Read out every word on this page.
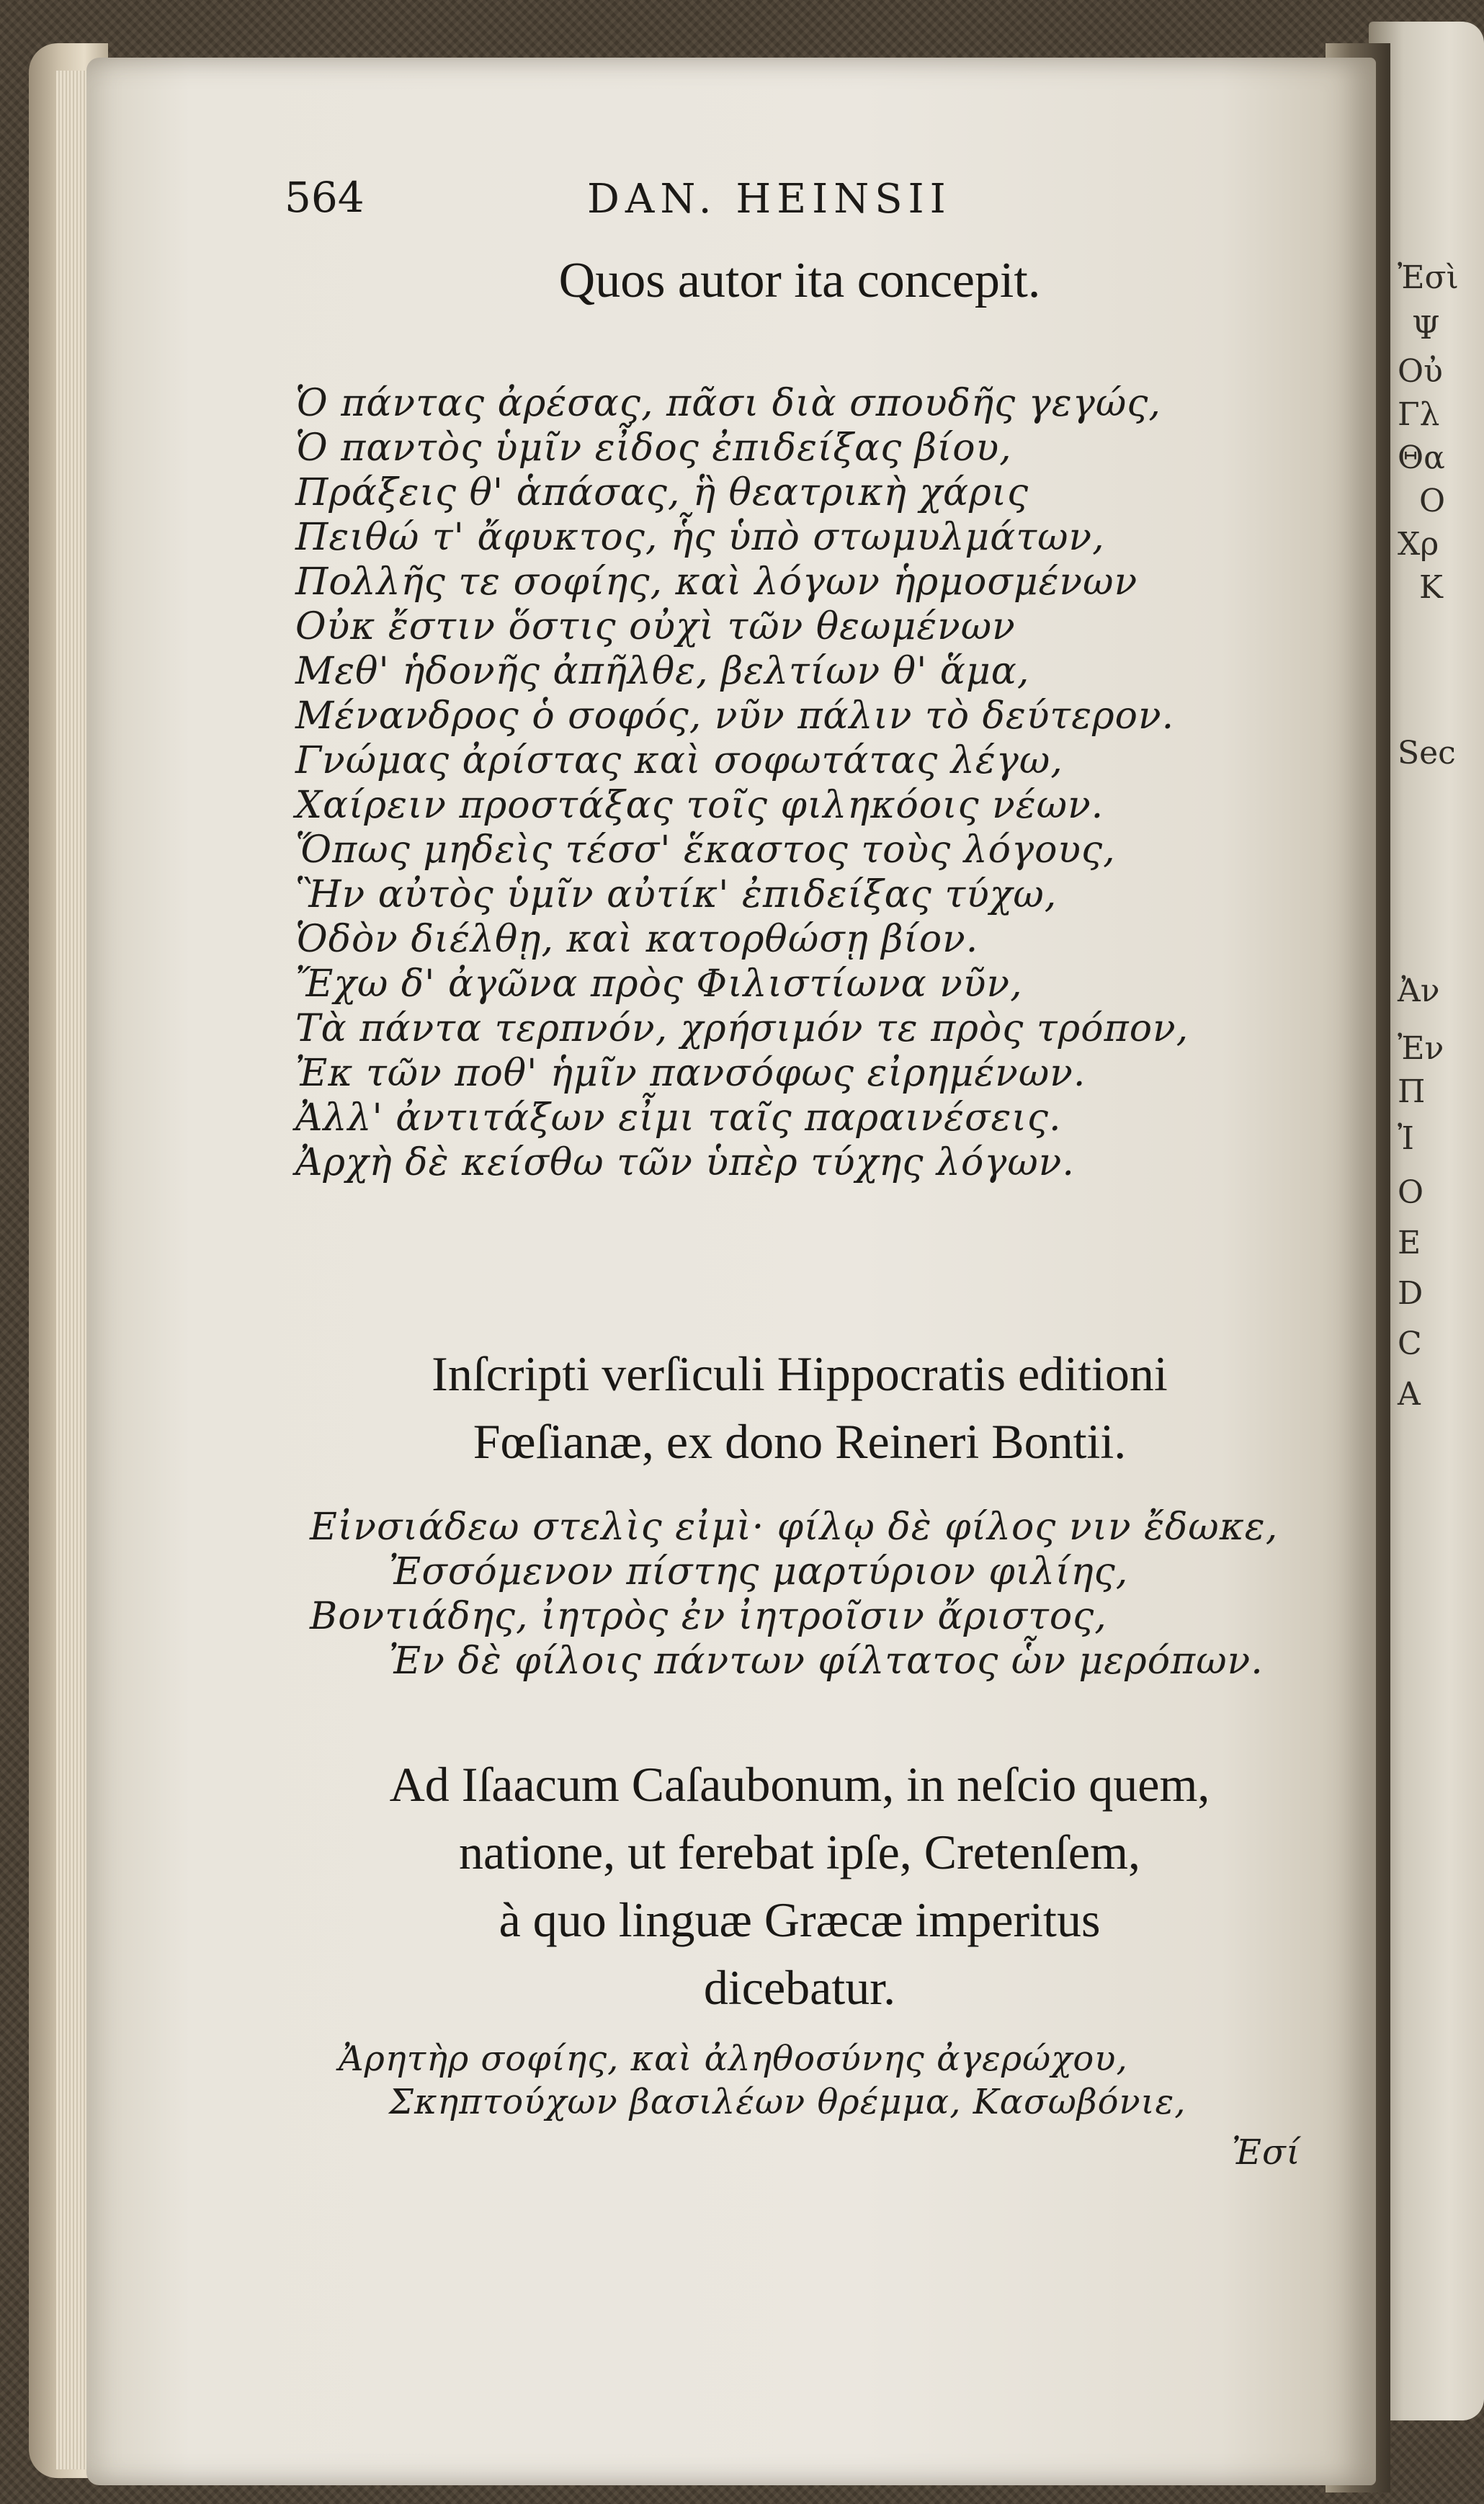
Ἐσὶ
Ψ
Οὐ
Γλ
Θα
Ο
Χρ
Κ
Sec
Ἀν
Ἐν
Π
Ἰ
O
E
D
C
A
564	DAN. HEINSII
Quos autor ita concepit.
Ὁ πάντας ἀρέσας, πᾶσι διὰ σπουδῆς γεγώς,
Ὁ παντὸς ὑμῖν εἶδος ἐπιδείξας βίου,
Πράξεις θ' ἁπάσας, ἣ θεατρικὴ χάρις
Πειθώ τ' ἄφυκτος, ἧς ὑπὸ στωμυλμάτων,
Πολλῆς τε σοφίης, καὶ λόγων ἡρμοσμένων
Οὐκ ἔστιν ὅστις οὐχὶ τῶν θεωμένων
Μεθ' ἡδονῆς ἀπῆλθε, βελτίων θ' ἅμα,
Μένανδρος ὁ σοφός, νῦν πάλιν τὸ δεύτερον.
Γνώμας ἀρίστας καὶ σοφωτάτας λέγω,
Χαίρειν προστάξας τοῖς φιληκόοις νέων.
Ὅπως μηδεὶς τέσσ' ἕκαστος τοὺς λόγους,
Ἣν αὐτὸς ὑμῖν αὐτίκ' ἐπιδείξας τύχω,
Ὁδὸν διέλθῃ, καὶ κατορθώσῃ βίον.
Ἔχω δ' ἀγῶνα πρὸς Φιλιστίωνα νῦν,
Τὰ πάντα τερπνόν, χρήσιμόν τε πρὸς τρόπον,
Ἐκ τῶν ποθ' ἡμῖν πανσόφως εἰρημένων.
Ἀλλ' ἀντιτάξων εἶμι ταῖς παραινέσεις.
Ἀρχὴ δὲ κείσθω τῶν ὑπὲρ τύχης λόγων.
Inſcripti verſiculi Hippocratis editioni
Fœſianæ, ex dono Reineri Bontii.
Εἰνσιάδεω στελὶς εἰμὶ· φίλῳ δὲ φίλος νιν ἔδωκε,
Ἐσσόμενον πίστης μαρτύριον φιλίης,
Βοντιάδης, ἰητρὸς ἐν ἰητροῖσιν ἄριστος,
Ἐν δὲ φίλοις πάντων φίλτατος ὧν μερόπων.
Ad Iſaacum Caſaubonum, in neſcio quem,
natione, ut ferebat ipſe, Cretenſem,
à quo linguæ Græcæ imperitus
dicebatur.
Ἀρητὴρ σοφίης, καὶ ἀληθοσύνης ἀγερώχου,
Σκηπτούχων βασιλέων θρέμμα, Κασωβόνιε,
Ἐσί
